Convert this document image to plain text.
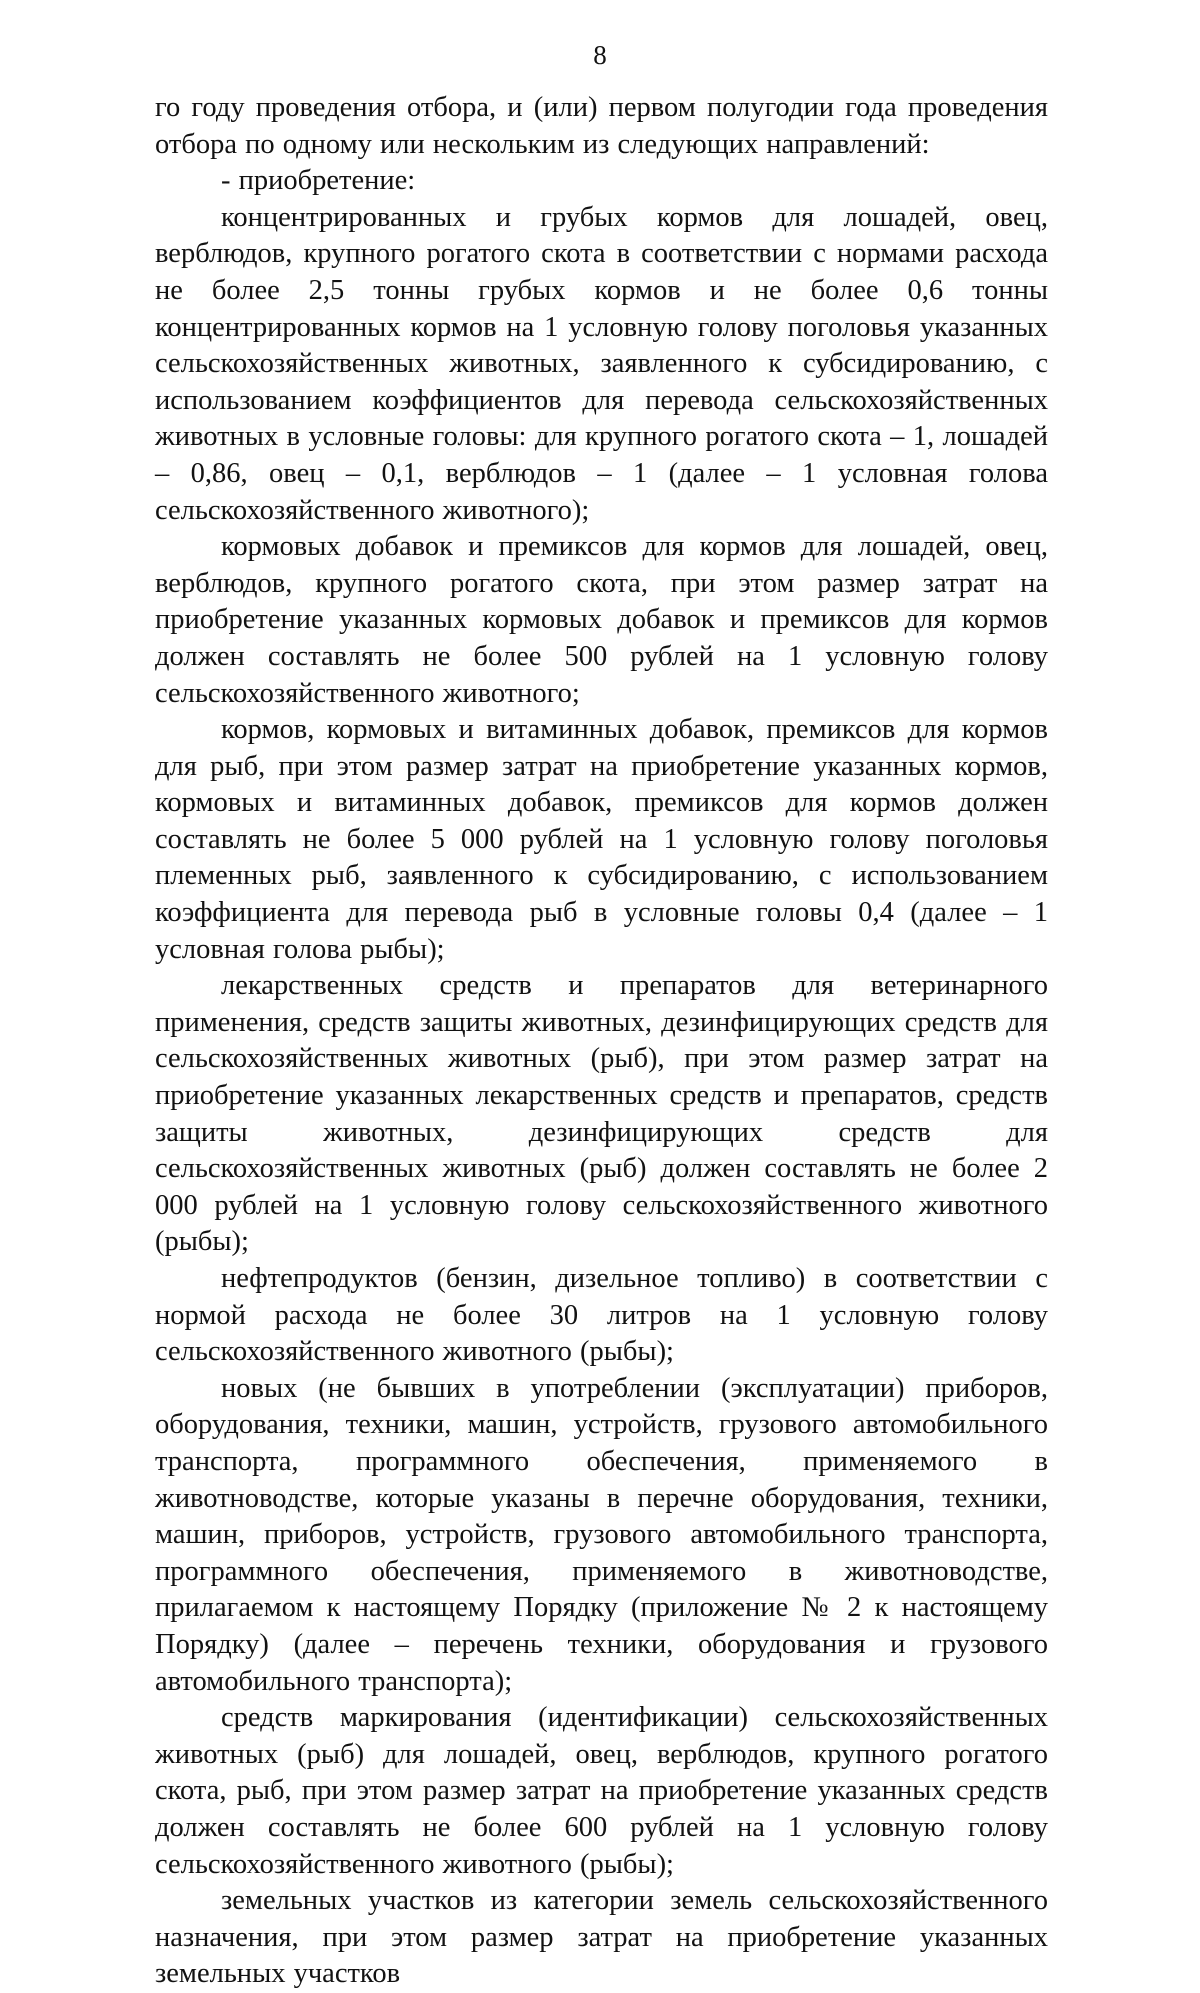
8

го году проведения отбора, и (или) первом полугодии года проведения отбора по одному или нескольким из следующих направлений:

- приобретение:

концентрированных и грубых кормов для лошадей, овец, верблюдов, крупного рогатого скота в соответствии с нормами расхода не более 2,5 тонны грубых кормов и не более 0,6 тонны концентрированных кормов на 1 условную голову поголовья указанных сельскохозяйственных животных, заявленного к субсидированию, с использованием коэффициентов для перевода сельскохозяйственных животных в условные головы: для крупного рогатого скота – 1, лошадей – 0,86, овец – 0,1, верблюдов – 1 (далее – 1 условная голова сельскохозяйственного животного);

кормовых добавок и премиксов для кормов для лошадей, овец, верблюдов, крупного рогатого скота, при этом размер затрат на приобретение указанных кормовых добавок и премиксов для кормов должен составлять не более 500 рублей на 1 условную голову сельскохозяйственного животного;

кормов, кормовых и витаминных добавок, премиксов для кормов для рыб, при этом размер затрат на приобретение указанных кормов, кормовых и витаминных добавок, премиксов для кормов должен составлять не более 5 000 рублей на 1 условную голову поголовья племенных рыб, заявленного к субсидированию, с использованием коэффициента для перевода рыб в условные головы 0,4 (далее – 1 условная голова рыбы);

лекарственных средств и препаратов для ветеринарного применения, средств защиты животных, дезинфицирующих средств для сельскохозяйственных животных (рыб), при этом размер затрат на приобретение указанных лекарственных средств и препаратов, средств защиты животных, дезинфицирующих средств для сельскохозяйственных животных (рыб) должен составлять не более 2 000 рублей на 1 условную голову сельскохозяйственного животного (рыбы);

нефтепродуктов (бензин, дизельное топливо) в соответствии с нормой расхода не более 30 литров на 1 условную голову сельскохозяйственного животного (рыбы);

новых (не бывших в употреблении (эксплуатации) приборов, оборудования, техники, машин, устройств, грузового автомобильного транспорта, программного обеспечения, применяемого в животноводстве, которые указаны в перечне оборудования, техники, машин, приборов, устройств, грузового автомобильного транспорта, программного обеспечения, применяемого в животноводстве, прилагаемом к настоящему Порядку (приложение № 2 к настоящему Порядку) (далее – перечень техники, оборудования и грузового автомобильного транспорта);

средств маркирования (идентификации) сельскохозяйственных животных (рыб) для лошадей, овец, верблюдов, крупного рогатого скота, рыб, при этом размер затрат на приобретение указанных средств должен составлять не более 600 рублей на 1 условную голову сельскохозяйственного животного (рыбы);

земельных участков из категории земель сельскохозяйственного назначения, при этом размер затрат на приобретение указанных земельных участков
